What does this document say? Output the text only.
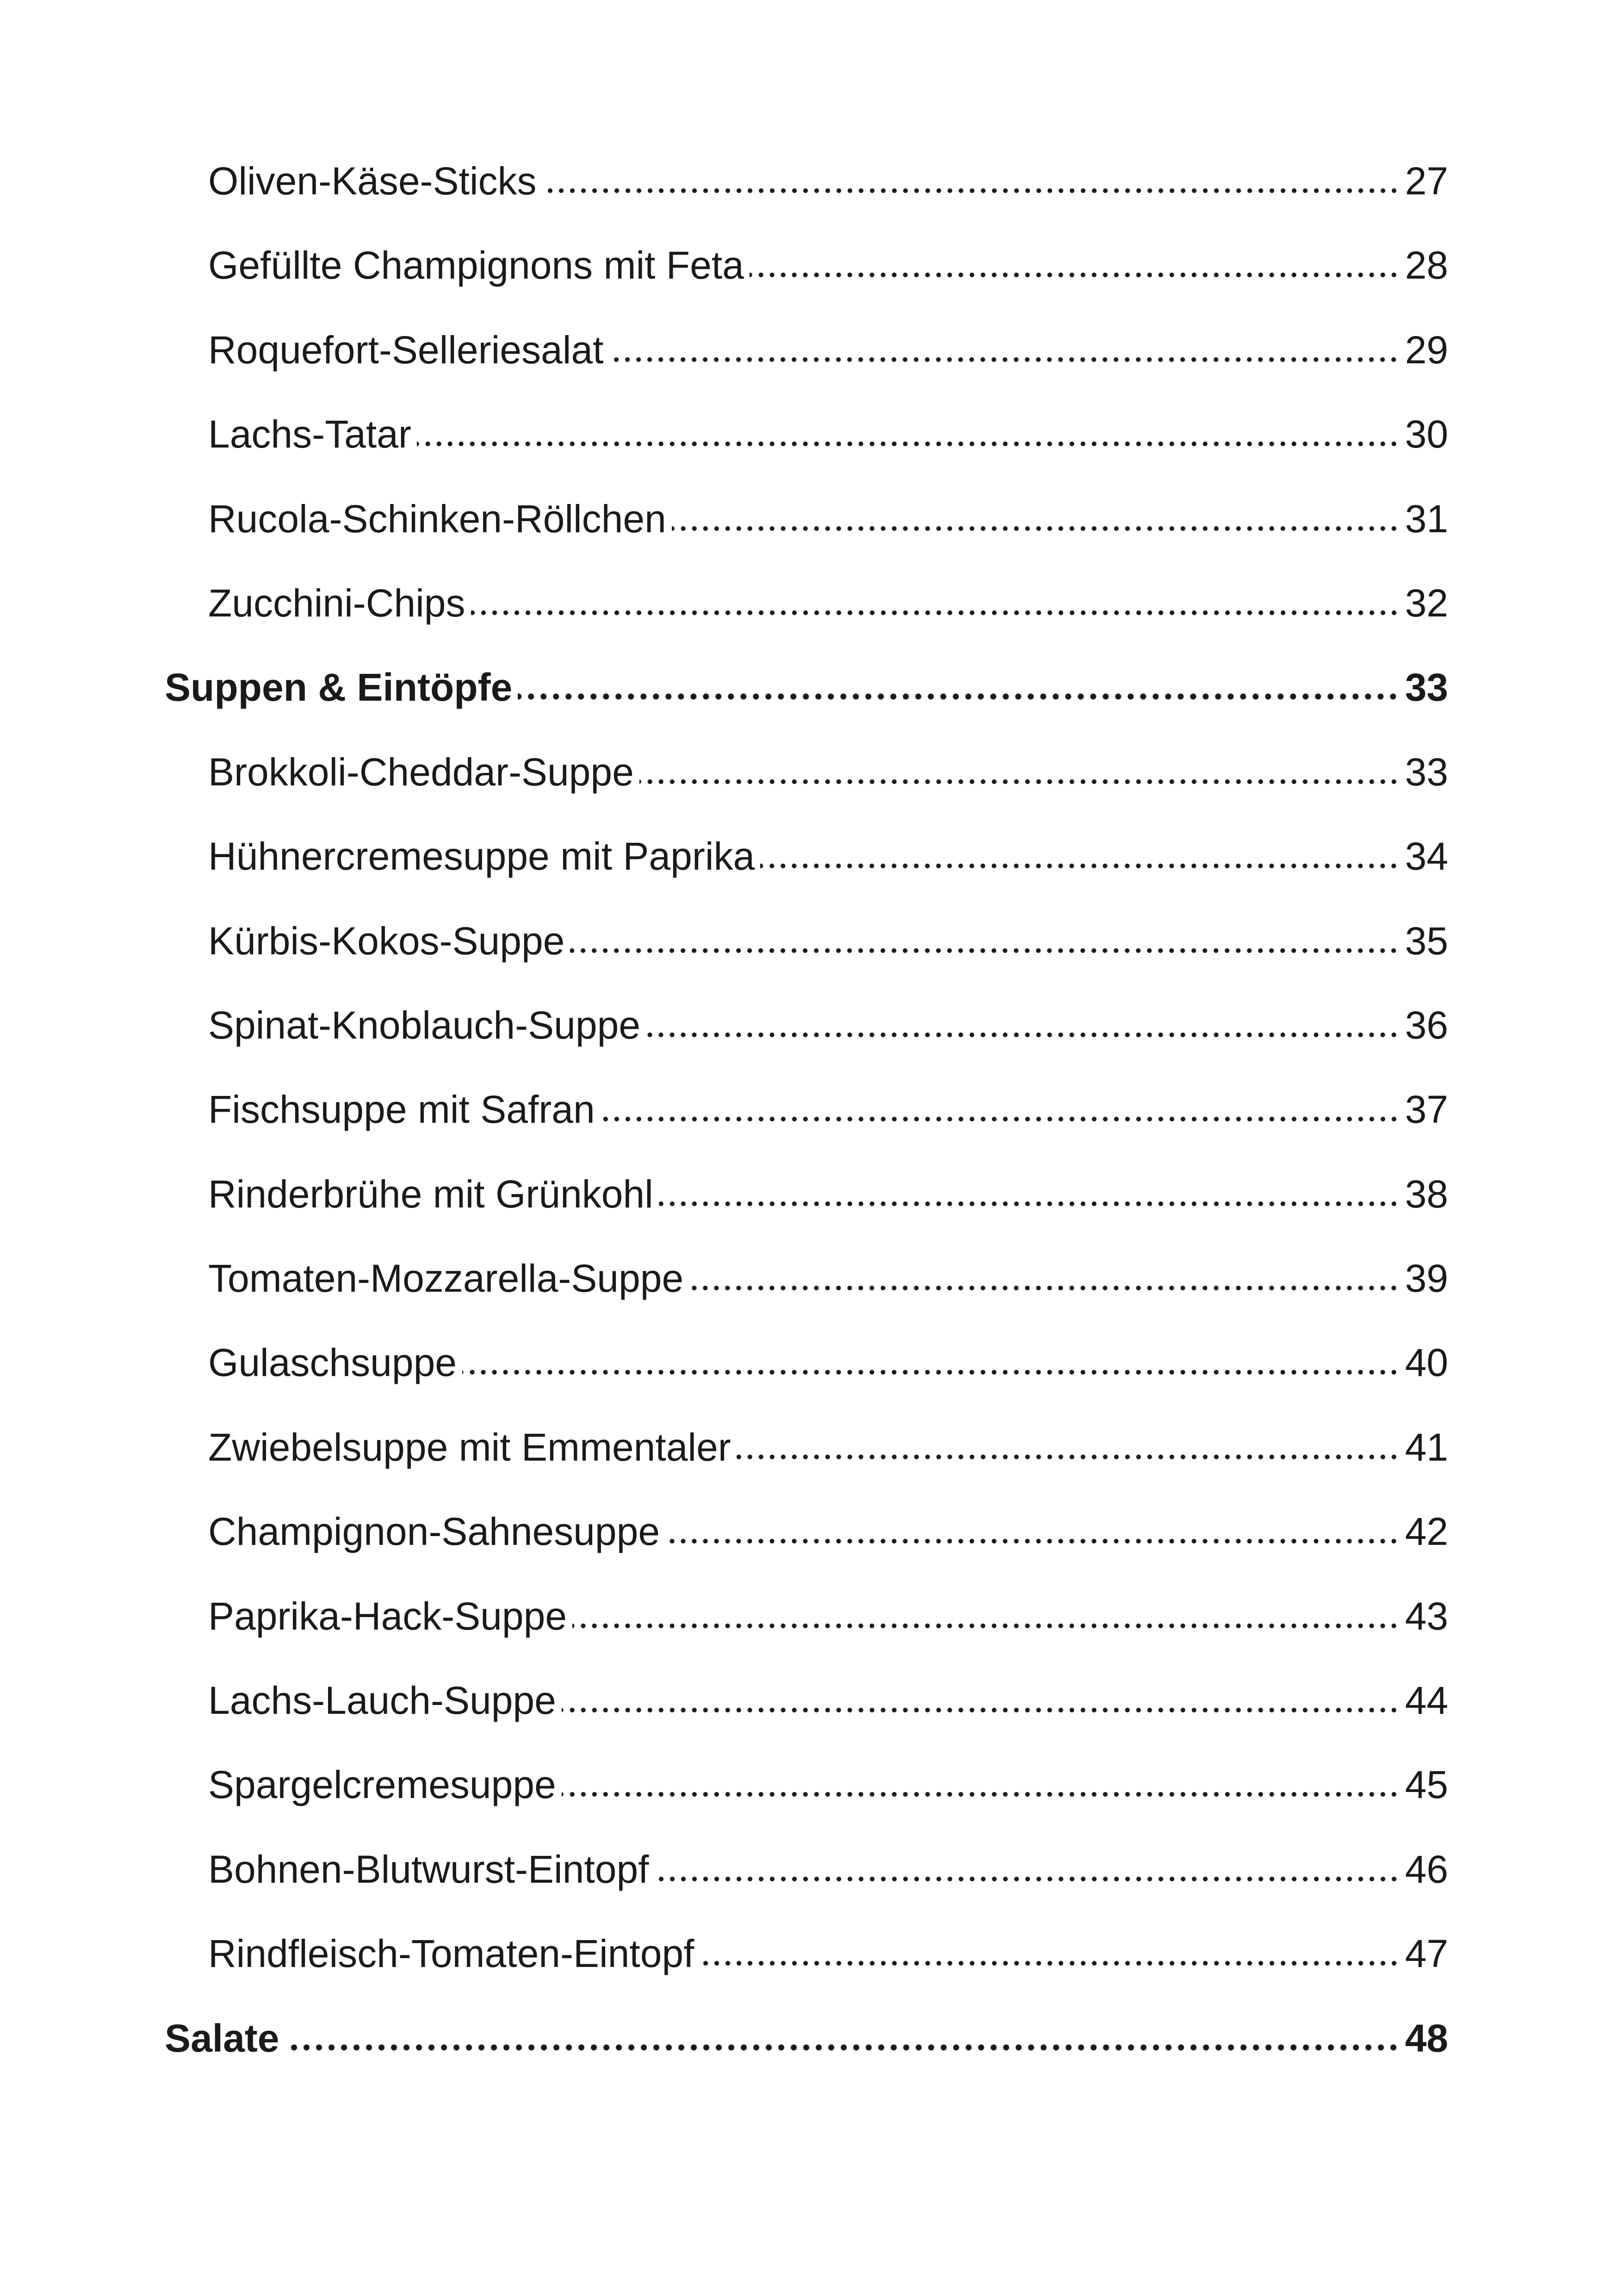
Oliven-Käse-Sticks	27
Gefüllte Champignons mit Feta	28
Roquefort-Selleriesalat	29
Lachs-Tatar	30
Rucola-Schinken-Röllchen	31
Zucchini-Chips	32
Suppen & Eintöpfe	33
Brokkoli-Cheddar-Suppe	33
Hühnercremesuppe mit Paprika	34
Kürbis-Kokos-Suppe	35
Spinat-Knoblauch-Suppe	36
Fischsuppe mit Safran	37
Rinderbrühe mit Grünkohl	38
Tomaten-Mozzarella-Suppe	39
Gulaschsuppe	40
Zwiebelsuppe mit Emmentaler	41
Champignon-Sahnesuppe	42
Paprika-Hack-Suppe	43
Lachs-Lauch-Suppe	44
Spargelcremesuppe	45
Bohnen-Blutwurst-Eintopf	46
Rindfleisch-Tomaten-Eintopf	47
Salate	48
